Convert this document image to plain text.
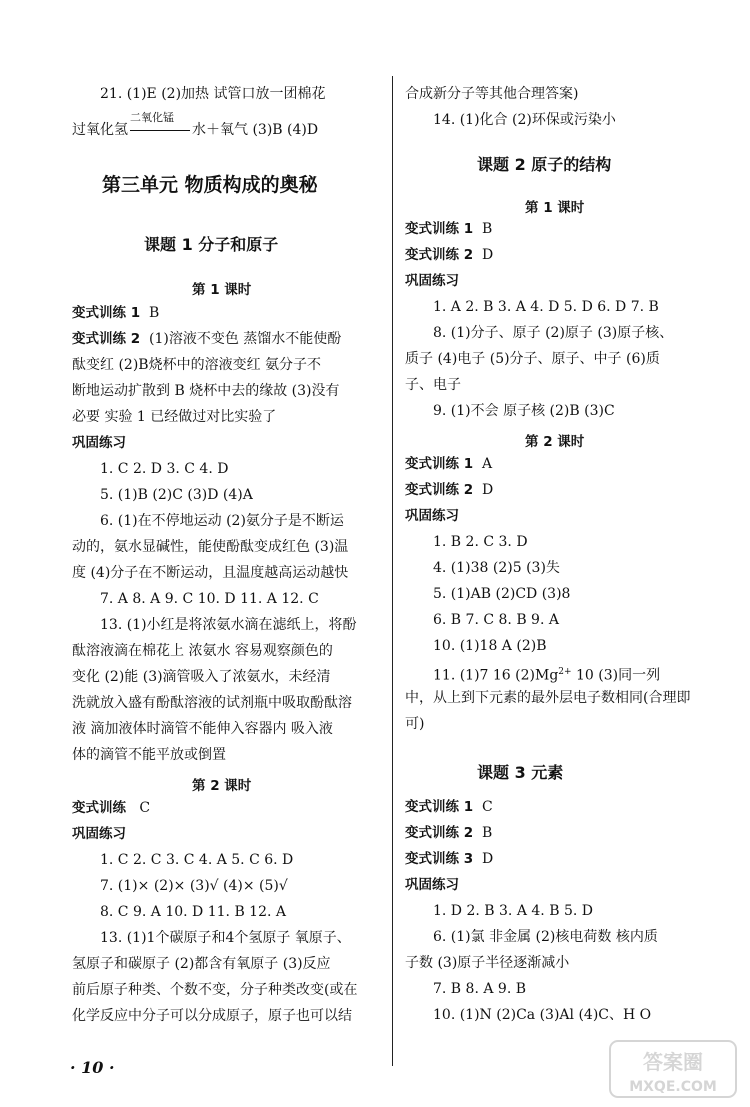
21. (1)E (2)加热 试管口放一团棉花
过氧化氢
二氧化锰
水＋氧气 (3)B (4)D
第三单元 物质构成的奥秘
课题 1 分子和原子
第 1 课时
变式训练 1 B
变式训练 2 (1)溶液不变色 蒸馏水不能使酚
酞变红 (2)B烧杯中的溶液变红 氨分子不
断地运动扩散到 B 烧杯中去的缘故 (3)没有
必要 实验 1 已经做过对比实验了
巩固练习
1. C 2. D 3. C 4. D
5. (1)B (2)C (3)D (4)A
6. (1)在不停地运动 (2)氨分子是不断运
动的，氨水显碱性，能使酚酞变成红色 (3)温
度 (4)分子在不断运动，且温度越高运动越快
7. A 8. A 9. C 10. D 11. A 12. C
13. (1)小红是将浓氨水滴在滤纸上，将酚
酞溶液滴在棉花上 浓氨水 容易观察颜色的
变化 (2)能 (3)滴管吸入了浓氨水，未经清
洗就放入盛有酚酞溶液的试剂瓶中吸取酚酞溶
液 滴加液体时滴管不能伸入容器内 吸入液
体的滴管不能平放或倒置
第 2 课时
变式训练 C
巩固练习
1. C 2. C 3. C 4. A 5. C 6. D
7. (1)× (2)× (3)√ (4)× (5)√
8. C 9. A 10. D 11. B 12. A
13. (1)1个碳原子和4个氢原子 氧原子、
氢原子和碳原子 (2)都含有氧原子 (3)反应
前后原子种类、个数不变，分子种类改变(或在
化学反应中分子可以分成原子，原子也可以结
· 10 ·
合成新分子等其他合理答案)
14. (1)化合 (2)环保或污染小
课题 2 原子的结构
第 1 课时
变式训练 1 B
变式训练 2 D
巩固练习
1. A 2. B 3. A 4. D 5. D 6. D 7. B
8. (1)分子、原子 (2)原子 (3)原子核、
质子 (4)电子 (5)分子、原子、中子 (6)质
子、电子
9. (1)不会 原子核 (2)B (3)C
第 2 课时
变式训练 1 A
变式训练 2 D
巩固练习
1. B 2. C 3. D
4. (1)38 (2)5 (3)失
5. (1)AB (2)CD (3)8
6. B 7. C 8. B 9. A
10. (1)18 A (2)B
11. (1)7 16 $(2)Mg^{2+}$ 10 (3)同一列
中，从上到下元素的最外层电子数相同(合理即
可)
课题 3 元素
变式训练 1 C
变式训练 2 B
变式训练 3 D
巩固练习
1. D 2. B 3. A 4. B 5. D
6. (1)氯 非金属 (2)核电荷数 核内质
子数 (3)原子半径逐渐减小
7. B 8. A 9. B
10. (1)N (2)Ca (3)Al (4)C、H O
答案圈
MXQE.COM
